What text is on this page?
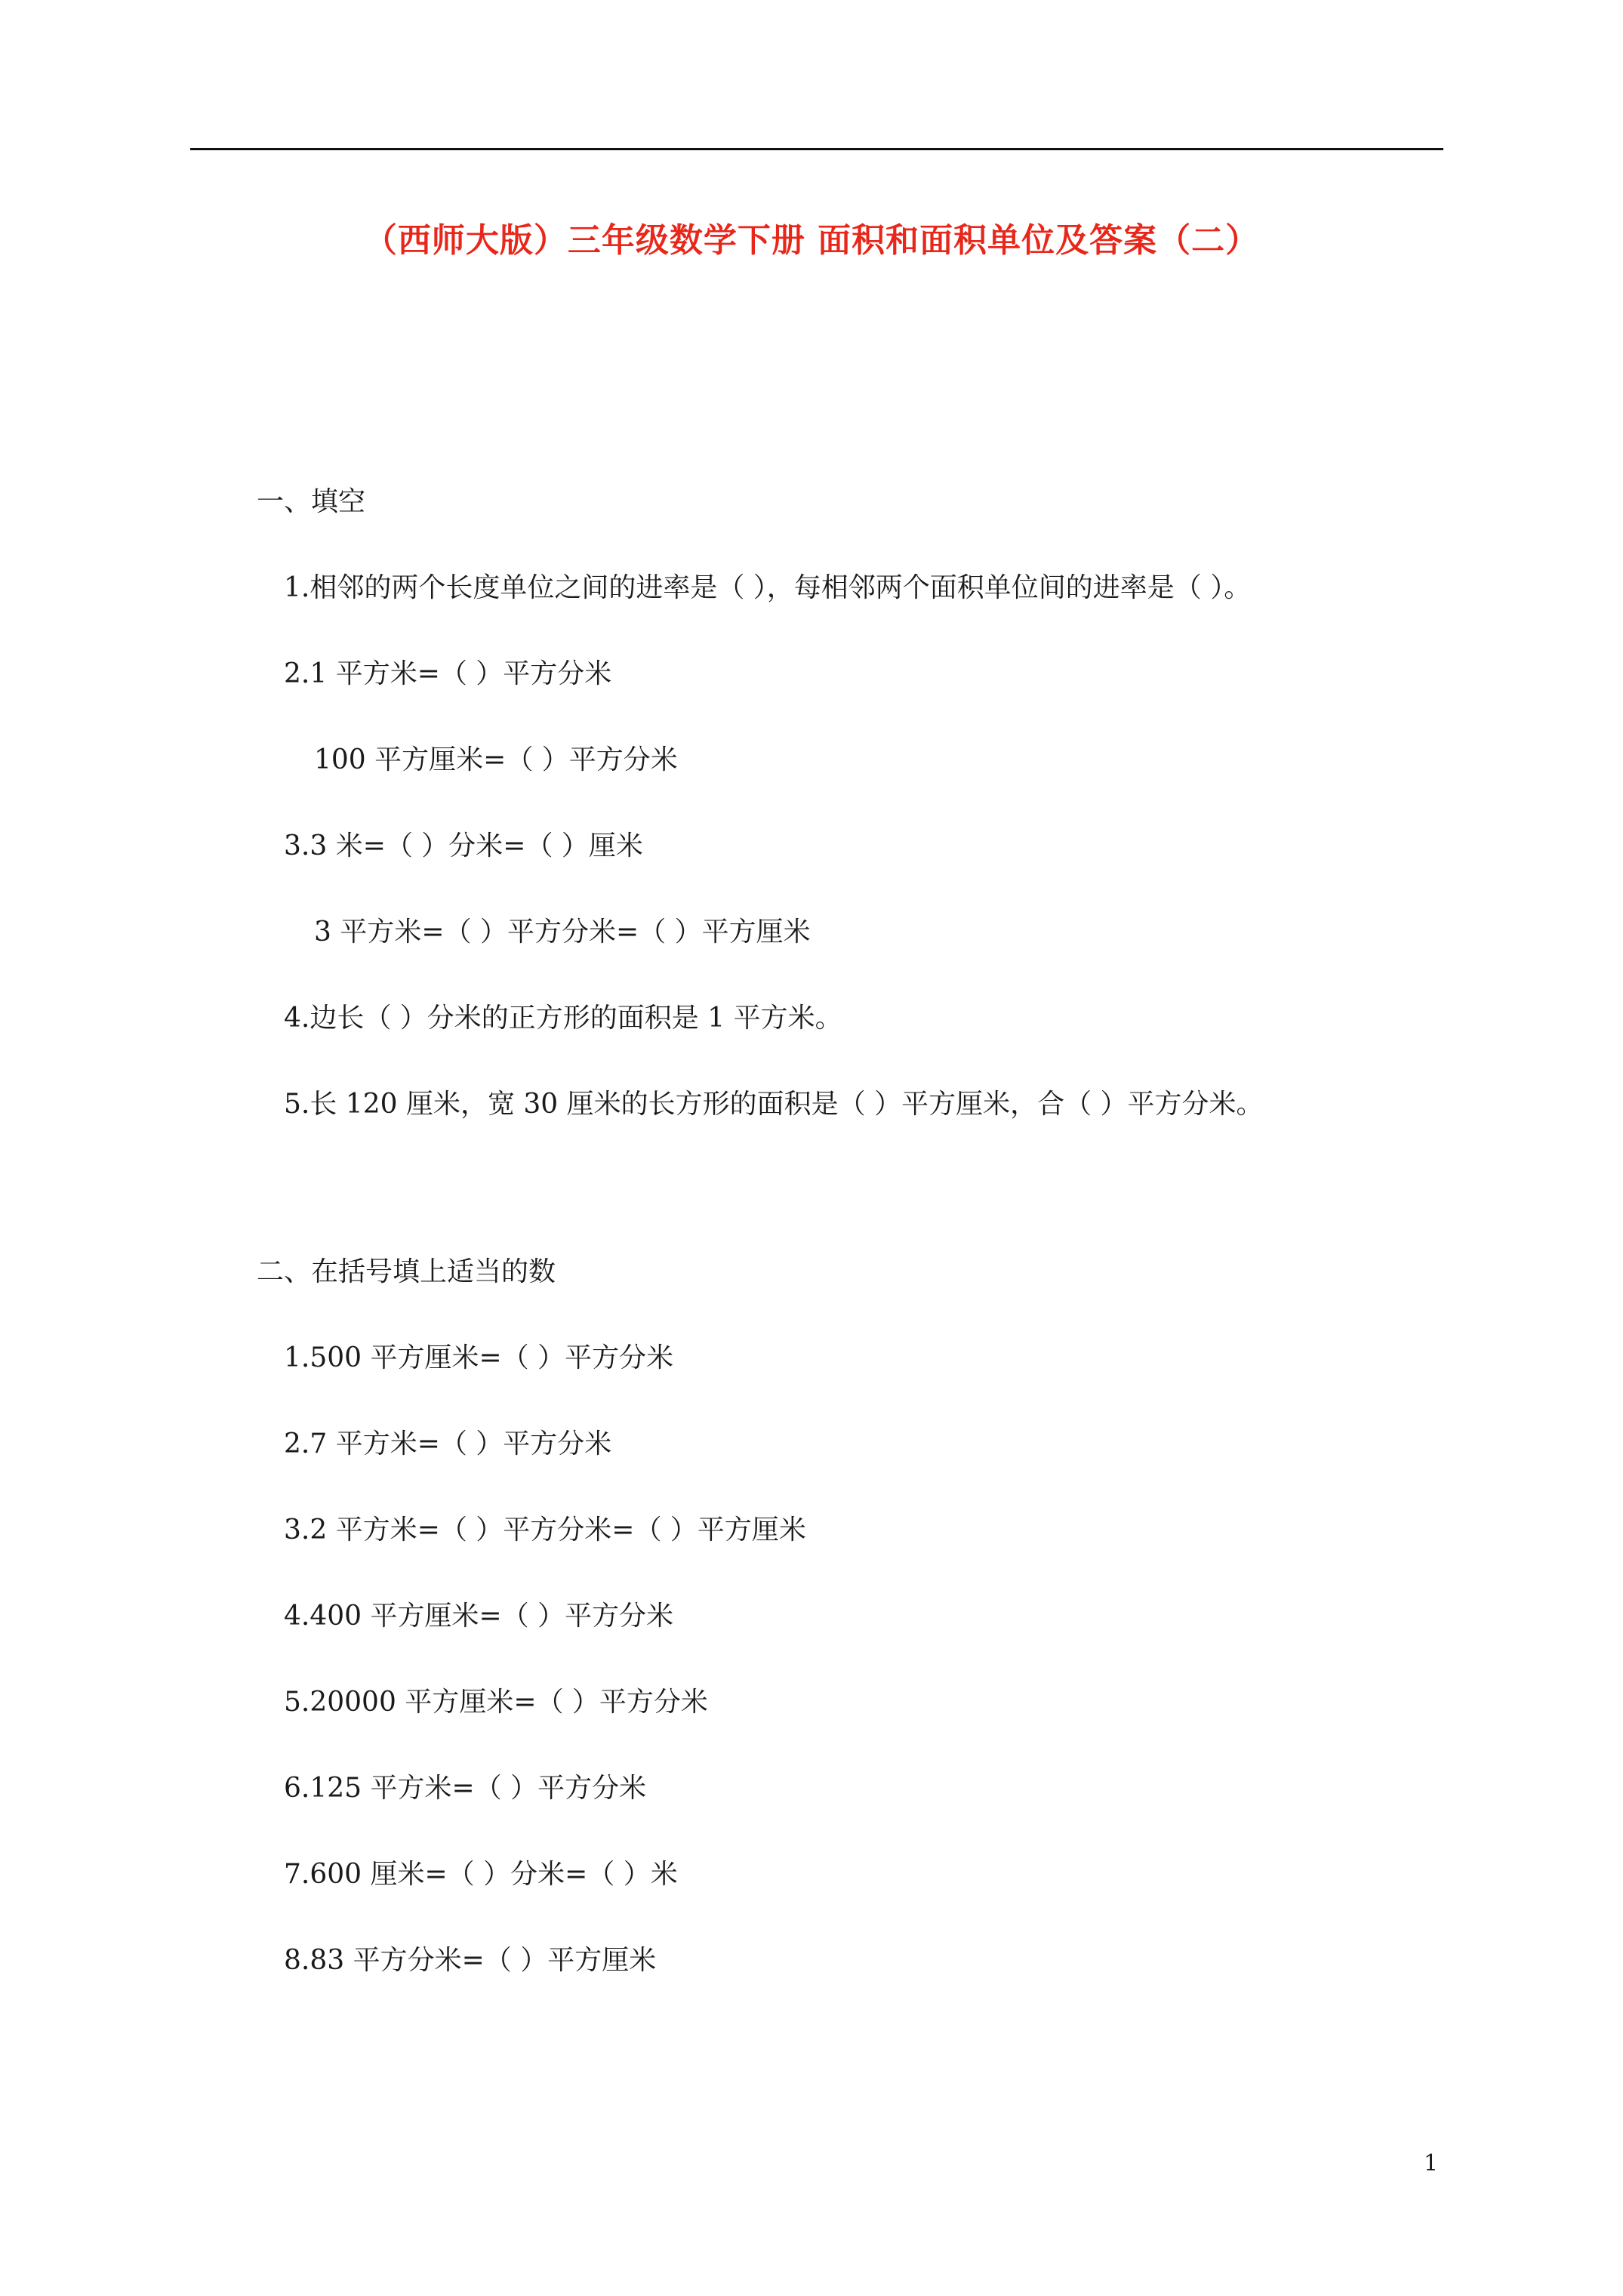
（西师大版）三年级数学下册 面积和面积单位及答案（二）
一、填空
1.相邻的两个长度单位之间的进率是（ ），每相邻两个面积单位间的进率是（ ）。
2.1 平方米=（ ）平方分米
100 平方厘米=（ ）平方分米
3.3 米=（ ）分米=（ ）厘米
3 平方米=（ ）平方分米=（ ）平方厘米
4.边长（ ）分米的正方形的面积是 1 平方米。
5.长 120 厘米，宽 30 厘米的长方形的面积是（ ）平方厘米，合（ ）平方分米。
二、在括号填上适当的数
1.500 平方厘米=（ ）平方分米
2.7 平方米=（ ）平方分米
3.2 平方米=（ ）平方分米=（ ）平方厘米
4.400 平方厘米=（ ）平方分米
5.20000 平方厘米=（ ）平方分米
6.125 平方米=（ ）平方分米
7.600 厘米=（ ）分米=（ ）米
8.83 平方分米=（ ）平方厘米
1
